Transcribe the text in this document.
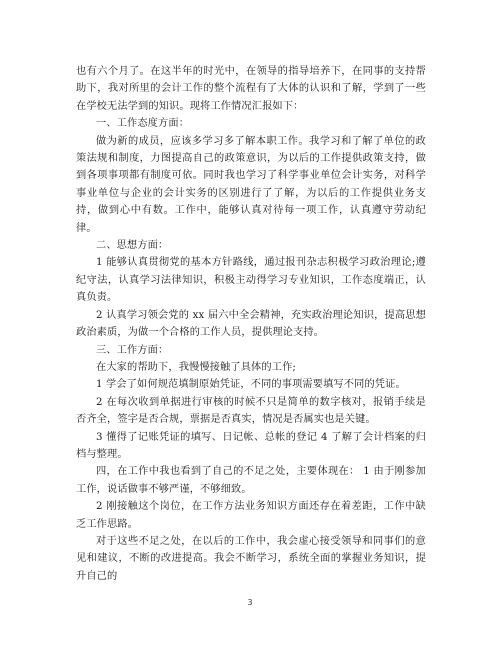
也有六个月了。在这半年的时光中，在领导的指导培养下，在同事的支持帮助下，我对所里的会计工作的整个流程有了大体的认识和了解，学到了一些在学校无法学到的知识。现将工作情况汇报如下：

一、工作态度方面：

做为新的成员，应该多学习多了解本职工作。我学习和了解了单位的政策法规和制度，力图提高自己的政策意识，为以后的工作提供政策支持，做到各项事项都有制度可依。同时我也学习了科学事业单位会计实务，对科学事业单位与企业的会计实务的区别进行了了解，为以后的工作提供业务支持，做到心中有数。工作中，能够认真对待每一项工作，认真遵守劳动纪律。

二、思想方面：

1 能够认真贯彻党的基本方针路线，通过报刊杂志积极学习政治理论;遵纪守法，认真学习法律知识，积极主动得学习专业知识，工作态度端正，认真负责。

2 认真学习领会党的 xx 届六中全会精神，充实政治理论知识，提高思想政治素质，为做一个合格的工作人员，提供理论支持。

三、工作方面：

在大家的帮助下，我慢慢接触了具体的工作;

1 学会了如何规范填制原始凭证，不同的事项需要填写不同的凭证。

2 在每次收到单据进行审核的时候不只是简单的数字核对，报销手续是否齐全，签字是否合规，票据是否真实，情况是否属实也是关键。

3 懂得了记账凭证的填写、日记帐、总帐的登记 4 了解了会计档案的归档与整理。

四，在工作中我也看到了自己的不足之处，主要体现在： 1 由于刚参加工作，说话做事不够严谨，不够细致。

2 刚接触这个岗位，在工作方法业务知识方面还存在着差距，工作中缺乏工作思路。

对于这些不足之处，在以后的工作中，我会虚心接受领导和同事们的意见和建议，不断的改进提高。我会不断学习，系统全面的掌握业务知识，提升自己的

3
